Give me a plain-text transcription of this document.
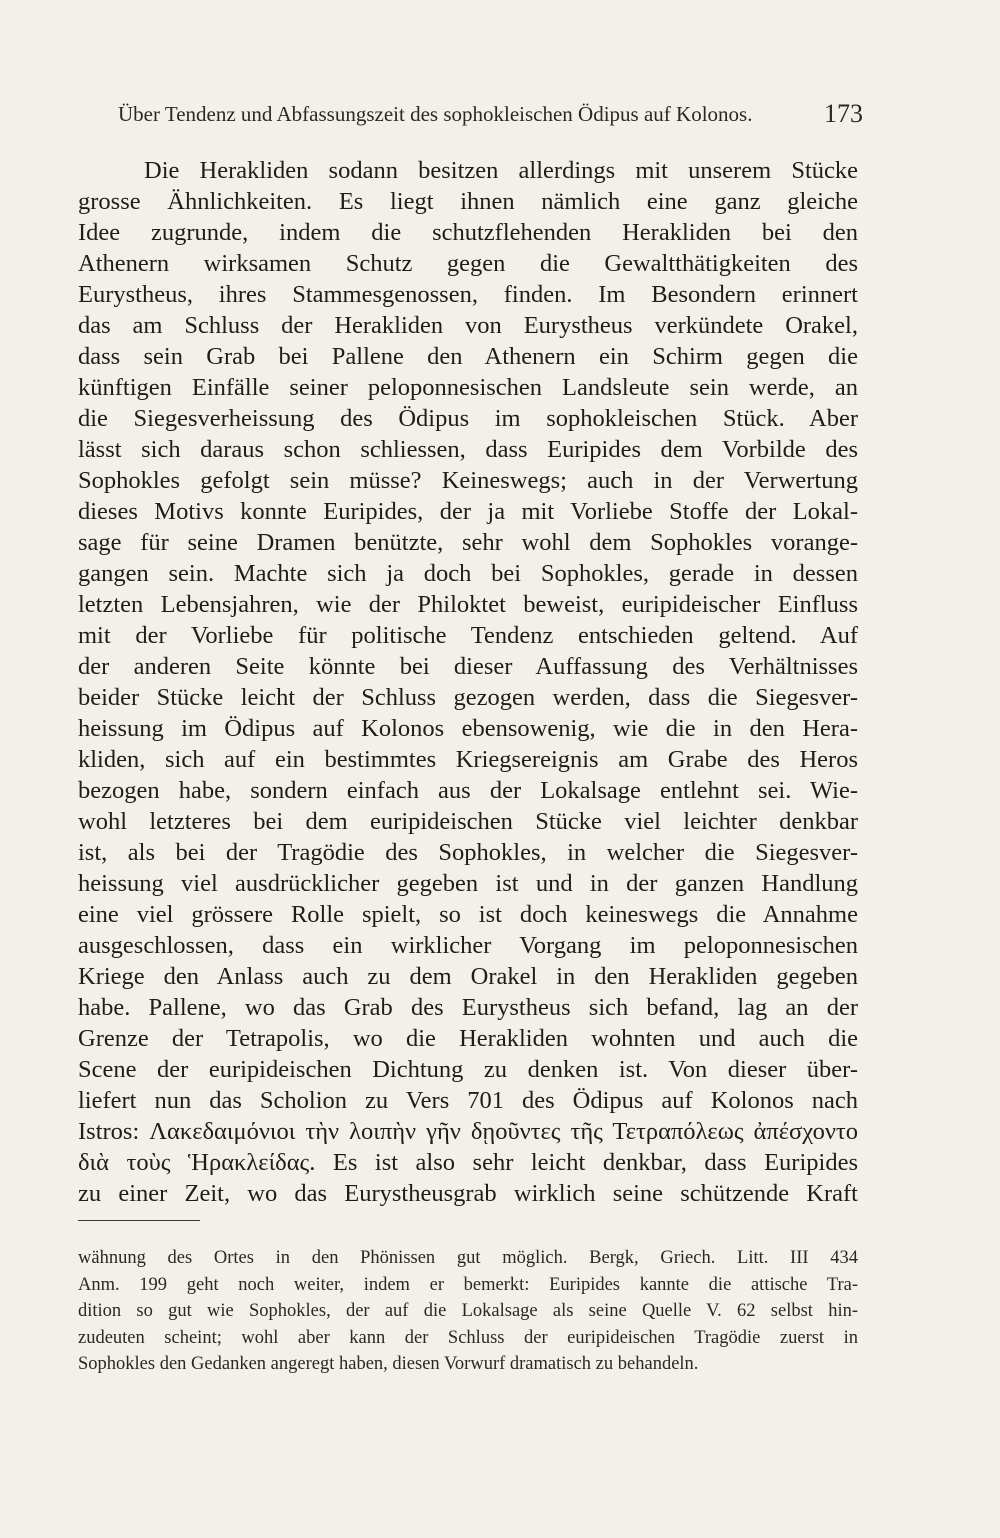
Über Tendenz und Abfassungszeit des sophokleischen Ödipus auf Kolonos.	173
Die Herakliden sodann besitzen allerdings mit unserem Stücke
grosse Ähnlichkeiten. Es liegt ihnen nämlich eine ganz gleiche
Idee zugrunde, indem die schutzflehenden Herakliden bei den
Athenern wirksamen Schutz gegen die Gewaltthätigkeiten des
Eurystheus, ihres Stammesgenossen, finden. Im Besondern erinnert
das am Schluss der Herakliden von Eurystheus verkündete Orakel,
dass sein Grab bei Pallene den Athenern ein Schirm gegen die
künftigen Einfälle seiner peloponnesischen Landsleute sein werde, an
die Siegesverheissung des Ödipus im sophokleischen Stück. Aber
lässt sich daraus schon schliessen, dass Euripides dem Vorbilde des
Sophokles gefolgt sein müsse? Keineswegs; auch in der Verwertung
dieses Motivs konnte Euripides, der ja mit Vorliebe Stoffe der Lokal-
sage für seine Dramen benützte, sehr wohl dem Sophokles vorange-
gangen sein. Machte sich ja doch bei Sophokles, gerade in dessen
letzten Lebensjahren, wie der Philoktet beweist, euripideischer Einfluss
mit der Vorliebe für politische Tendenz entschieden geltend. Auf
der anderen Seite könnte bei dieser Auffassung des Verhältnisses
beider Stücke leicht der Schluss gezogen werden, dass die Siegesver-
heissung im Ödipus auf Kolonos ebensowenig, wie die in den Hera-
kliden, sich auf ein bestimmtes Kriegsereignis am Grabe des Heros
bezogen habe, sondern einfach aus der Lokalsage entlehnt sei. Wie-
wohl letzteres bei dem euripideischen Stücke viel leichter denkbar
ist, als bei der Tragödie des Sophokles, in welcher die Siegesver-
heissung viel ausdrücklicher gegeben ist und in der ganzen Handlung
eine viel grössere Rolle spielt, so ist doch keineswegs die Annahme
ausgeschlossen, dass ein wirklicher Vorgang im peloponnesischen
Kriege den Anlass auch zu dem Orakel in den Herakliden gegeben
habe. Pallene, wo das Grab des Eurystheus sich befand, lag an der
Grenze der Tetrapolis, wo die Herakliden wohnten und auch die
Scene der euripideischen Dichtung zu denken ist. Von dieser über-
liefert nun das Scholion zu Vers 701 des Ödipus auf Kolonos nach
Istros: Λακεδαιμόνιοι τὴν λοιπὴν γῆν δῃοῦντες τῆς Τετραπόλεως ἀπέσχοντο
διὰ τοὺς Ἡρακλείδας. Es ist also sehr leicht denkbar, dass Euripides
zu einer Zeit, wo das Eurystheusgrab wirklich seine schützende Kraft
wähnung des Ortes in den Phönissen gut möglich. Bergk, Griech. Litt. III 434
Anm. 199 geht noch weiter, indem er bemerkt: Euripides kannte die attische Tra-
dition so gut wie Sophokles, der auf die Lokalsage als seine Quelle V. 62 selbst hin-
zudeuten scheint; wohl aber kann der Schluss der euripideischen Tragödie zuerst in
Sophokles den Gedanken angeregt haben, diesen Vorwurf dramatisch zu behandeln.
